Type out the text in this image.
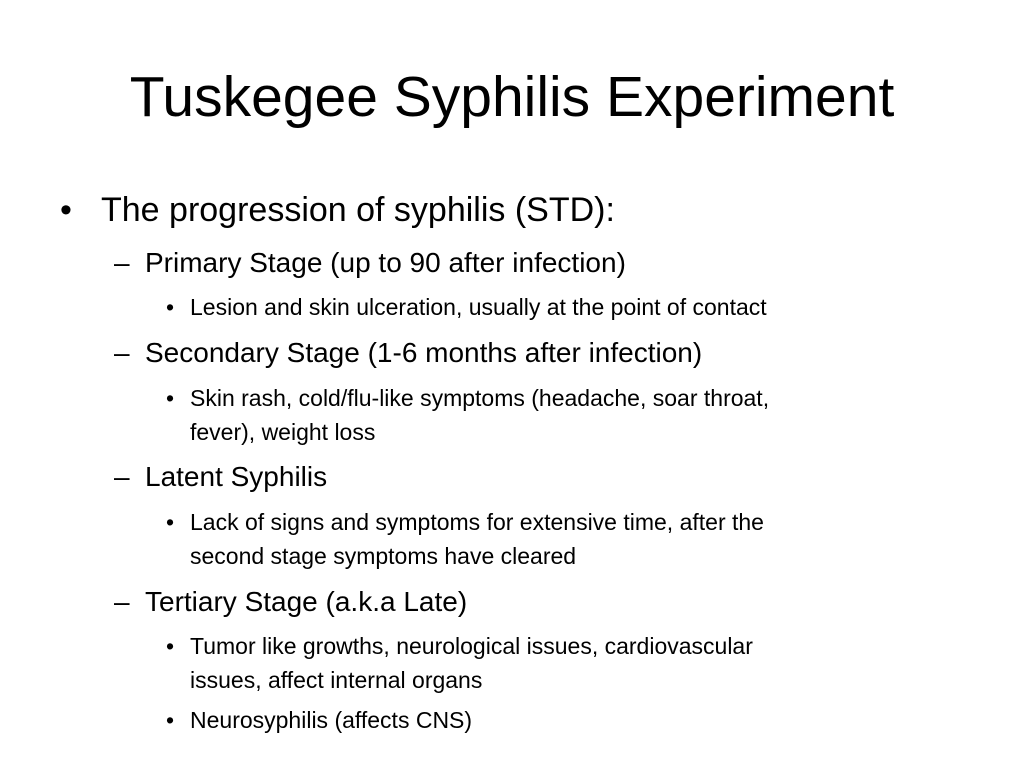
Tuskegee Syphilis Experiment
• The progression of syphilis (STD):
– Primary Stage (up to 90 after infection)
• Lesion and skin ulceration, usually at the point of contact
– Secondary Stage (1-6 months after infection)
• Skin rash, cold/flu-like symptoms (headache, soar throat,
fever), weight loss
– Latent Syphilis
• Lack of signs and symptoms for extensive time, after the
second stage symptoms have cleared
– Tertiary Stage (a.k.a Late)
• Tumor like growths, neurological issues, cardiovascular
issues, affect internal organs
• Neurosyphilis (affects CNS)
